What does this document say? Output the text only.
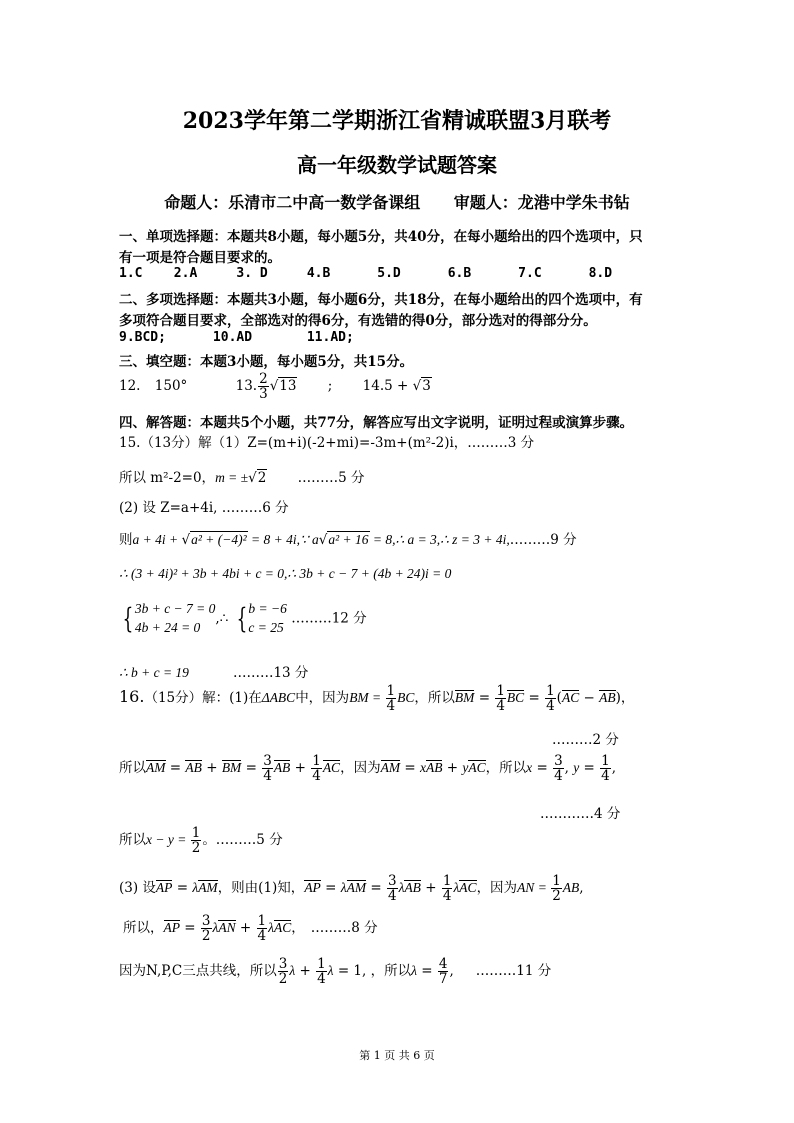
2023学年第二学期浙江省精诚联盟3月联考
高一年级数学试题答案
命题人：乐清市二中高一数学备课组      审题人：龙港中学朱书钻
一、单项选择题：本题共8小题，每小题5分，共40分，在每小题给出的四个选项中，只
有一项是符合题目要求的。
1.C    2.A     3. D     4.B      5.D      6.B      7.C      8.D
二、多项选择题：本题共3小题，每小题6分，共18分，在每小题给出的四个选项中，有
多项符合题目要求，全部选对的得6分，有选错的得0分，部分选对的得部分分。
9.BCD;      10.AD       11.AD;
三、填空题：本题3小题，每小题5分，共15分。
12. 150°	13. $\frac{2}{3} √13$ ; 14.5 + √3
四、解答题：本题共5个小题，共77分，解答应写出文字说明，证明过程或演算步骤。
15.（13分）解（1）Z=(m+i)(-2+mi)=-3m+(m²-2)i，………3 分
所以 m²-2=0，m = ±√2 ………5 分
(2) 设 Z=a+4i, ………6 分
则a + 4i + √a² + (−4)² = 8 + 4i,∵ a√a² + 16 = 8,∴ a = 3,∴ z = 3 + 4i,………9 分
∴ (3 + 4i)² + 3b + 4bi + c = 0,∴ 3b + c − 7 + (4b + 24)i = 0
{ 3b + c − 7 = 0
4b + 24 = 0
,∴ { b = −6
c = 25
………12 分
∴ b + c = 19	………13 分
16.（15分）解：(1)在ΔABC中，因为BM = $\frac{1}{4}$ BC，所以BM = $\frac{1}{4}$ BC = $\frac{1}{4} (AC - AB)$，
………2 分
所以AM = AB + BM = $\frac{3}{4}$ AB + $\frac{1}{4}$ AC，因为AM = xAB + yAC，所以$x = \frac{3}{4}$ , $y = \frac{1}{4}$ ,
…………4 分
所以$x - y = \frac{1}{2}$ 。………5 分
(3) 设AP = λAM，则由(1)知，AP = $\lambda AM = \frac{3}{4}$ $\lambda AB + \frac{1}{4}$ λAC，因为AN = $\frac{1}{2}$ AB,
所以，AP = $\frac{3}{2}$ $\lambda AN + \frac{1}{4}$ λAC， ………8 分
因为N,P,C三点共线，所以 $\frac{3}{2}$ $\lambda + \frac{1}{4}$ λ = 1, ，所以$\lambda = \frac{4}{7}$ , ………11 分
第 1 页 共 6 页
